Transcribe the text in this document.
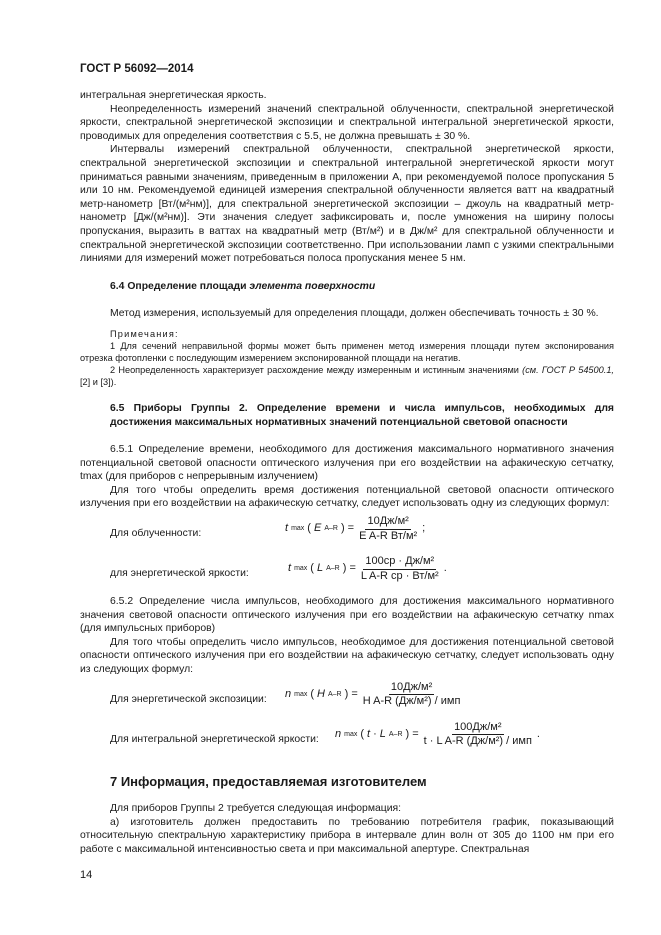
ГОСТ Р 56092—2014

интегральная энергетическая яркость.

Неопределенность измерений значений спектральной облученности, спектральной энергетической яркости, спектральной энергетической экспозиции и спектральной интегральной энергетической яркости, проводимых для определения соответствия с 5.5, не должна превышать ± 30 %.

Интервалы измерений спектральной облученности, спектральной энергетической яркости, спектральной энергетической экспозиции и спектральной интегральной энергетической яркости могут приниматься равными значениям, приведенным в приложении А, при рекомендуемой полосе пропускания 5 или 10 нм. Рекомендуемой единицей измерения спектральной облученности является ватт на квадратный метр-нанометр [Вт/(м²нм)], для спектральной энергетической экспозиции – джоуль на квадратный метр-нанометр [Дж/(м²нм)]. Эти значения следует зафиксировать и, после умножения на ширину полосы пропускания, выразить в ваттах на квадратный метр (Вт/м²) и в Дж/м² для спектральной облученности и спектральной энергетической экспозиции соответственно. При использовании ламп с узкими спектральными линиями для измерений может потребоваться полоса пропускания менее 5 нм.

6.4 Определение площади элемента поверхности

Метод измерения, используемый для определения площади, должен обеспечивать точность ± 30 %.

Примечания:

1 Для сечений неправильной формы может быть применен метод измерения площади путем экспонирования отрезка фотопленки с последующим измерением экспонированной площади на негатив.

2 Неопределенность характеризует расхождение между измеренным и истинным значениями (см. ГОСТ Р 54500.1, [2] и [3]).

6.5 Приборы Группы 2. Определение времени и числа импульсов, необходимых для достижения максимальных нормативных значений потенциальной световой опасности

6.5.1 Определение времени, необходимого для достижения максимального нормативного значения потенциальной световой опасности оптического излучения при его воздействии на афакическую сетчатку, tmax (для приборов с непрерывным излучением)

Для того чтобы определить время достижения потенциальной световой опасности оптического излучения при его воздействии на афакическую сетчатку, следует использовать одну из следующих формул:

Для облученности:	t max ( E A–R ) = $\frac{\text{10Дж/м²}}{\text{E A-R Вт/м²}}$ ;
для энергетической яркости:	t max ( L A–R ) = $\frac{\text{100ср · Дж/м²}}{\text{L A-R ср · Вт/м²}}$ .

6.5.2 Определение числа импульсов, необходимого для достижения максимального нормативного значения световой опасности оптического излучения при его воздействии на афакическую сетчатку nmax (для импульсных приборов)

Для того чтобы определить число импульсов, необходимое для достижения потенциальной световой опасности оптического излучения при его воздействии на афакическую сетчатку, следует использовать одну из следующих формул:

Для энергетической экспозиции: n max ( H A–R ) = $\frac{\text{10Дж/м²}}{\text{H A-R (Дж/м²) / имп}}$
Для интегральной энергетической яркости: n max ( t · L A–R ) = $\frac{\text{100Дж/м²}}{\text{t · L A-R (Дж/м²) / имп}}$ .

7 Информация, предоставляемая изготовителем

Для приборов Группы 2 требуется следующая информация:

а) изготовитель должен предоставить по требованию потребителя график, показывающий относительную спектральную характеристику прибора в интервале длин волн от 305 до 1100 нм при его работе с максимальной интенсивностью света и при максимальной апертуре. Спектральная

14
